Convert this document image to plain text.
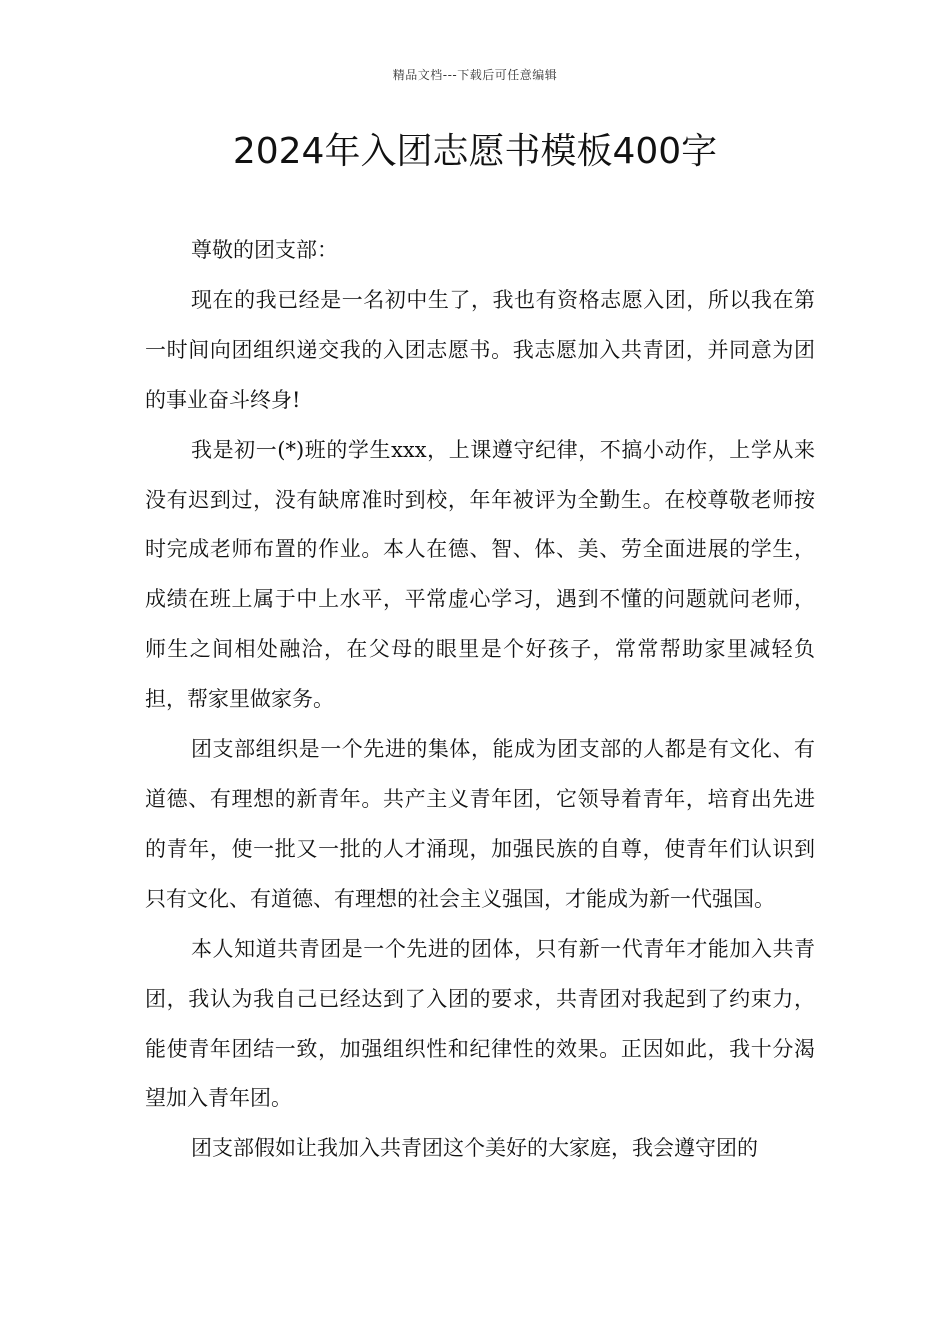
精品文档---下载后可任意编辑
2024年入团志愿书模板400字

尊敬的团支部：

现在的我已经是一名初中生了，我也有资格志愿入团，所以我在第一时间向团组织递交我的入团志愿书。我志愿加入共青团，并同意为团的事业奋斗终身!

我是初一(*)班的学生xxx，上课遵守纪律，不搞小动作，上学从来没有迟到过，没有缺席准时到校，年年被评为全勤生。在校尊敬老师按时完成老师布置的作业。本人在德、智、体、美、劳全面进展的学生，成绩在班上属于中上水平，平常虚心学习，遇到不懂的问题就问老师，师生之间相处融洽，在父母的眼里是个好孩子，常常帮助家里减轻负担，帮家里做家务。

团支部组织是一个先进的集体，能成为团支部的人都是有文化、有道德、有理想的新青年。共产主义青年团，它领导着青年，培育出先进的青年，使一批又一批的人才涌现，加强民族的自尊，使青年们认识到只有文化、有道德、有理想的社会主义强国，才能成为新一代强国。

本人知道共青团是一个先进的团体，只有新一代青年才能加入共青团，我认为我自己已经达到了入团的要求，共青团对我起到了约束力，能使青年团结一致，加强组织性和纪律性的效果。正因如此，我十分渴望加入青年团。

团支部假如让我加入共青团这个美好的大家庭，我会遵守团的
